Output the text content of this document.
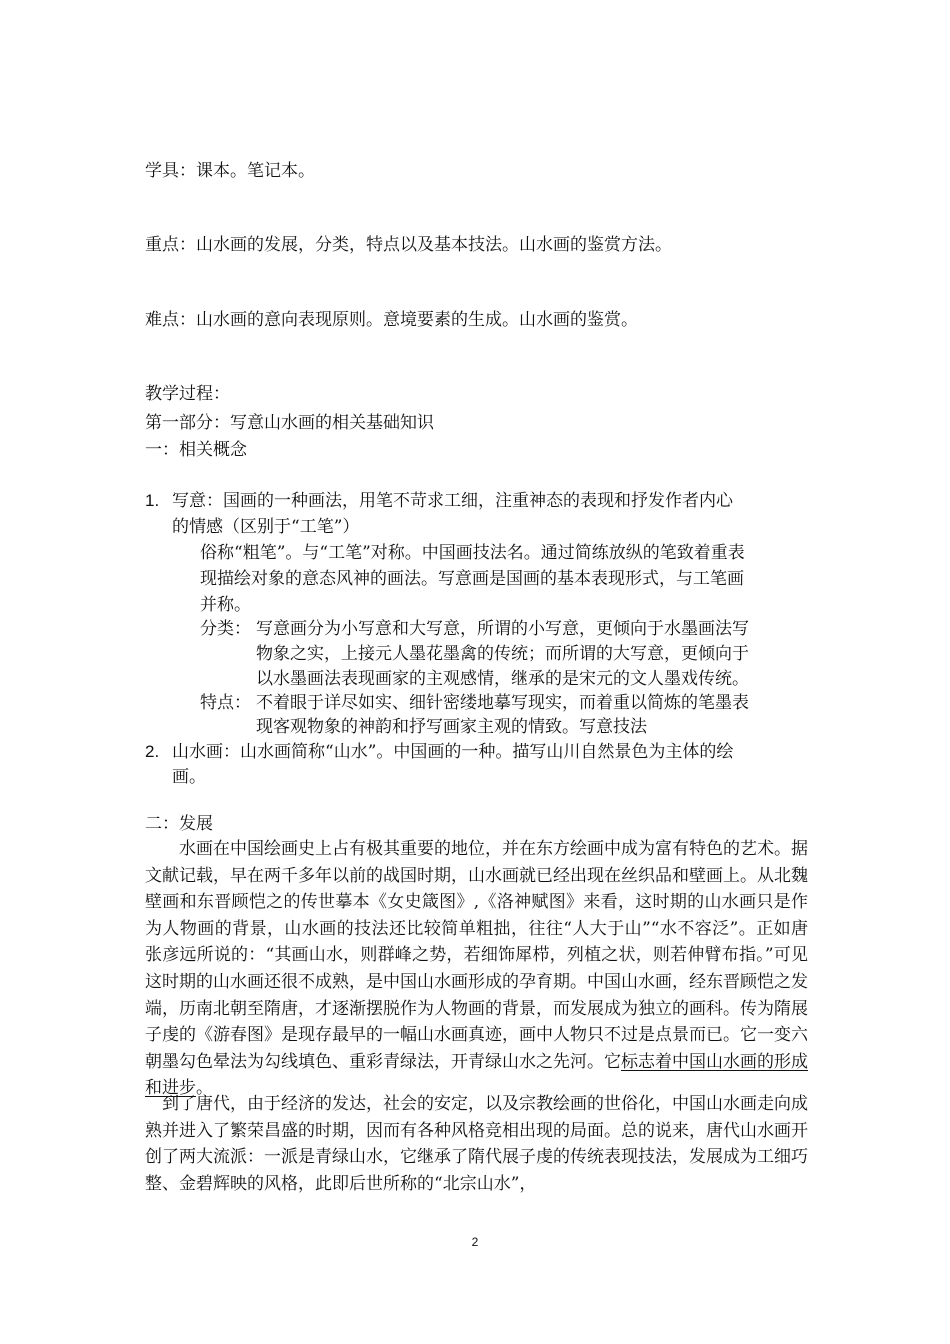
学具：课本。笔记本。
重点：山水画的发展，分类，特点以及基本技法。山水画的鉴赏方法。
难点：山水画的意向表现原则。意境要素的生成。山水画的鉴赏。
教学过程：
第一部分：写意山水画的相关基础知识
一：相关概念
1. 写意：国画的一种画法，用笔不苛求工细，注重神态的表现和抒发作者内心
的情感（区别于“工笔”）
俗称“粗笔”。与“工笔”对称。中国画技法名。通过简练放纵的笔致着重表
现描绘对象的意态风神的画法。写意画是国画的基本表现形式，与工笔画
并称。
分类： 写意画分为小写意和大写意，所谓的小写意，更倾向于水墨画法写
物象之实，上接元人墨花墨禽的传统；而所谓的大写意，更倾向于
以水墨画法表现画家的主观感情，继承的是宋元的文人墨戏传统。
特点： 不着眼于详尽如实、细针密缕地摹写现实，而着重以简炼的笔墨表
现客观物象的神韵和抒写画家主观的情致。写意技法
2. 山水画：山水画简称“山水”。中国画的一种。描写山川自然景色为主体的绘
画。
二：发展
　　水画在中国绘画史上占有极其重要的地位，并在东方绘画中成为富有特色的艺术。据文献记载，早在两千多年以前的战国时期，山水画就已经出现在丝织品和壁画上。从北魏壁画和东晋顾恺之的传世摹本《女史箴图》,《洛神赋图》来看，这时期的山水画只是作为人物画的背景，山水画的技法还比较简单粗拙，往往“人大于山”“水不容泛”。正如唐张彦远所说的：“其画山水，则群峰之势，若细饰犀栉，列植之状，则若伸臂布指。”可见这时期的山水画还很不成熟，是中国山水画形成的孕育期。中国山水画，经东晋顾恺之发端，历南北朝至隋唐，才逐渐摆脱作为人物画的背景，而发展成为独立的画科。传为隋展子虔的《游春图》是现存最早的一幅山水画真迹，画中人物只不过是点景而已。它一变六朝墨勾色晕法为勾线填色、重彩青绿法，开青绿山水之先河。它标志着中国山水画的形成和进步。
　到了唐代，由于经济的发达，社会的安定，以及宗教绘画的世俗化，中国山水画走向成熟并进入了繁荣昌盛的时期，因而有各种风格竞相出现的局面。总的说来，唐代山水画开创了两大流派：一派是青绿山水，它继承了隋代展子虔的传统表现技法，发展成为工细巧整、金碧辉映的风格，此即后世所称的“北宗山水”，
2
